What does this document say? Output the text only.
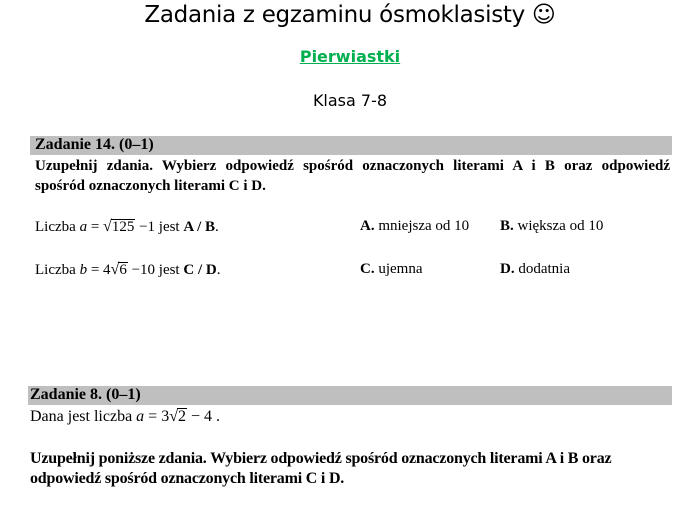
Zadania z egzaminu ósmoklasisty ☺
Pierwiastki
Klasa 7-8
Zadanie 14. (0–1)
Uzupełnij zdania. Wybierz odpowiedź spośród oznaczonych literami A i B oraz odpowiedź
spośród oznaczonych literami C i D.
Liczba a = √125 −1 jest A / B.	A. mniejsza od 10 B. większa od 10
Liczba b = 4√6 −10 jest C / D.	C. ujemna	D. dodatnia
Zadanie 8. (0–1)
Dana jest liczba a = 3√2 − 4 .
Uzupełnij poniższe zdania. Wybierz odpowiedź spośród oznaczonych literami A i B oraz
odpowiedź spośród oznaczonych literami C i D.
